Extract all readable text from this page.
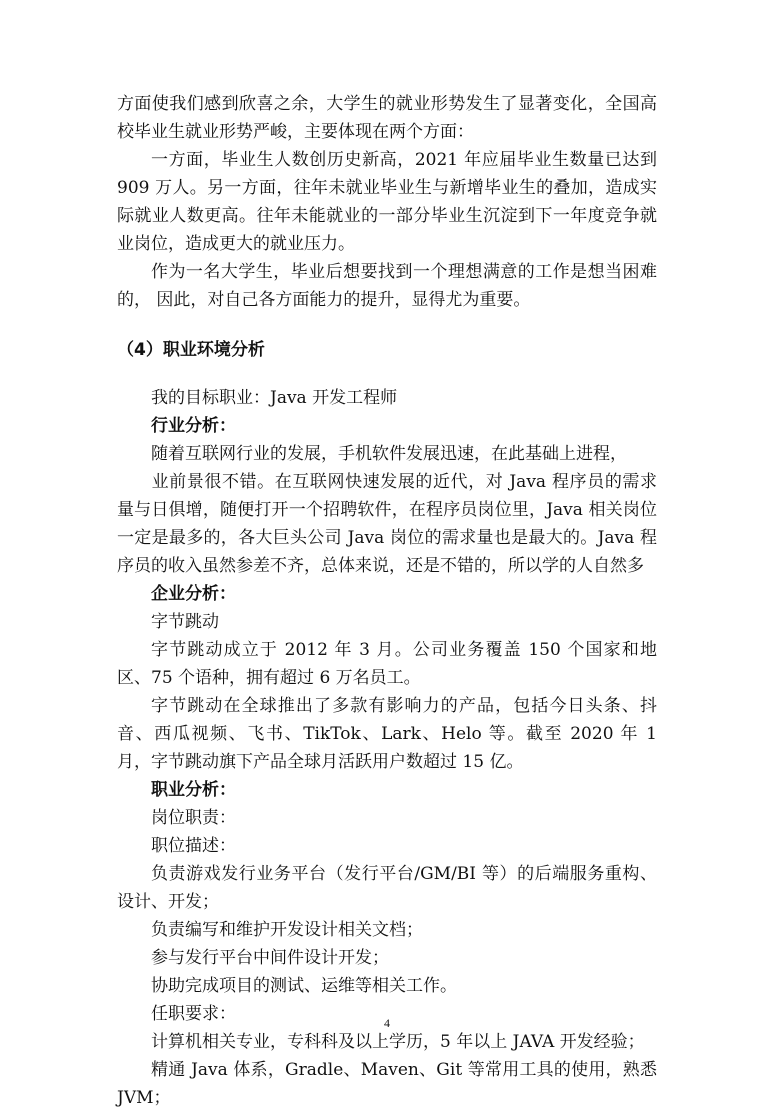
方面使我们感到欣喜之余，大学生的就业形势发生了显著变化，全国高校毕业生就业形势严峻，主要体现在两个方面：

一方面，毕业生人数创历史新高，2021 年应届毕业生数量已达到 909 万人。另一方面，往年未就业毕业生与新增毕业生的叠加，造成实际就业人数更高。往年未能就业的一部分毕业生沉淀到下一年度竞争就业岗位，造成更大的就业压力。

作为一名大学生，毕业后想要找到一个理想满意的工作是想当困难的， 因此，对自己各方面能力的提升，显得尤为重要。

（4）职业环境分析

我的目标职业：Java 开发工程师

行业分析：

随着互联网行业的发展，手机软件发展迅速，在此基础上进程，

业前景很不错。在互联网快速发展的近代，对 Java 程序员的需求量与日俱增，随便打开一个招聘软件，在程序员岗位里，Java 相关岗位一定是最多的，各大巨头公司 Java 岗位的需求量也是最大的。Java 程序员的收入虽然参差不齐，总体来说，还是不错的，所以学的人自然多

企业分析：

字节跳动

字节跳动成立于 2012 年 3 月。公司业务覆盖 150 个国家和地区、75 个语种，拥有超过 6 万名员工。

字节跳动在全球推出了多款有影响力的产品，包括今日头条、抖音、西瓜视频、飞书、TikTok、Lark、Helo 等。截至 2020 年 1 月，字节跳动旗下产品全球月活跃用户数超过 15 亿。

职业分析：

岗位职责：

职位描述：

负责游戏发行业务平台（发行平台/GM/BI 等）的后端服务重构、设计、开发；

负责编写和维护开发设计相关文档；

参与发行平台中间件设计开发；

协助完成项目的测试、运维等相关工作。

任职要求：

计算机相关专业，专科科及以上学历，5 年以上 JAVA 开发经验；

精通 Java 体系，Gradle、Maven、Git 等常用工具的使用，熟悉 JVM；

4
